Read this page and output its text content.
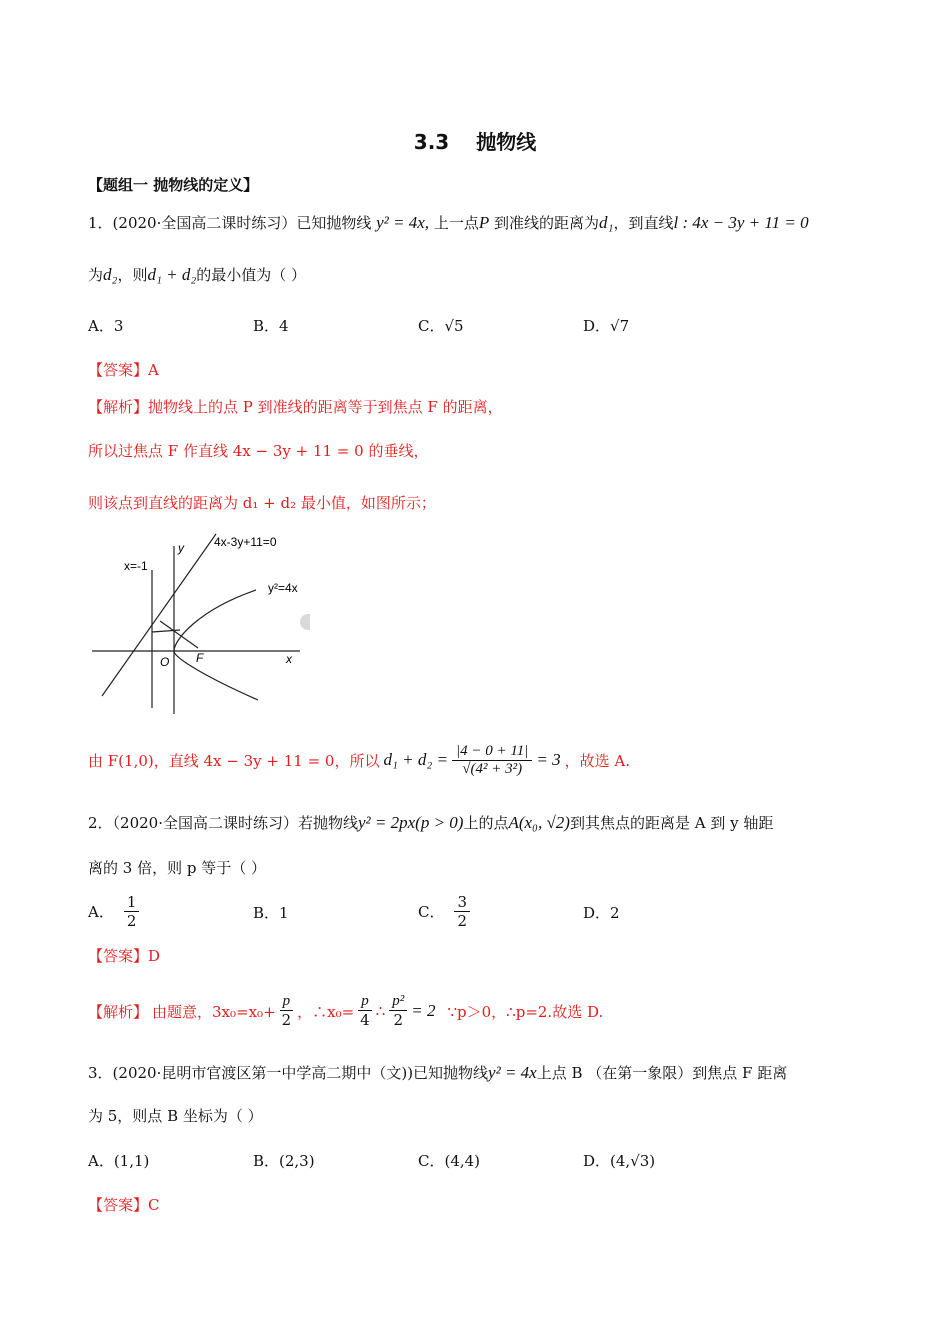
3.3　 抛物线
【题组一 抛物线的定义】
1．(2020·全国高二课时练习）已知抛物线 y² = 4x, 上一点P 到准线的距离为d₁，到直线l : 4x − 3y + 11 = 0
为d₂，则d₁ + d₂的最小值为（ ）
A．3	B．4	C．√5	D．√7
【答案】A
【解析】抛物线上的点 P 到准线的距离等于到焦点 F 的距离，
所以过焦点 F 作直线 4x − 3y + 11 = 0 的垂线，
则该点到直线的距离为 d₁ + d₂ 最小值，如图所示；
4x-3y+11=0
x=-1
y²=4x
y
x
O F
由 F(1,0)，直线 4x − 3y + 11 = 0，所以 $d_1 + d_2 = \frac{|4 - 0 + 11|}{\text{√(4² + 3²)}} = 3$ ，故选 A.
2．（2020·全国高二课时练习）若抛物线y² = 2px(p > 0)上的点A(x₀, √2)到其焦点的距离是 A 到 y 轴距
离的 3 倍，则 p 等于（ ）
A． $\frac{1}{2}$	B．1	C． $\frac{3}{2}$	D．2
【答案】D
【解析】 由题意，$3x_0=x_0+ \frac{p}{2}$ ，∴x₀= $\frac{p}{4}$ ∴ $\frac{\text{p²}}{2} = 2$ ∵p＞0，∴p=2.故选 D.
3．(2020·昆明市官渡区第一中学高二期中（文))已知抛物线y² = 4x上点 B （在第一象限）到焦点 F 距离
为 5，则点 B 坐标为（ ）
A．(1,1)	B．(2,3)	C．(4,4)	D．(4,√3)
【答案】C
